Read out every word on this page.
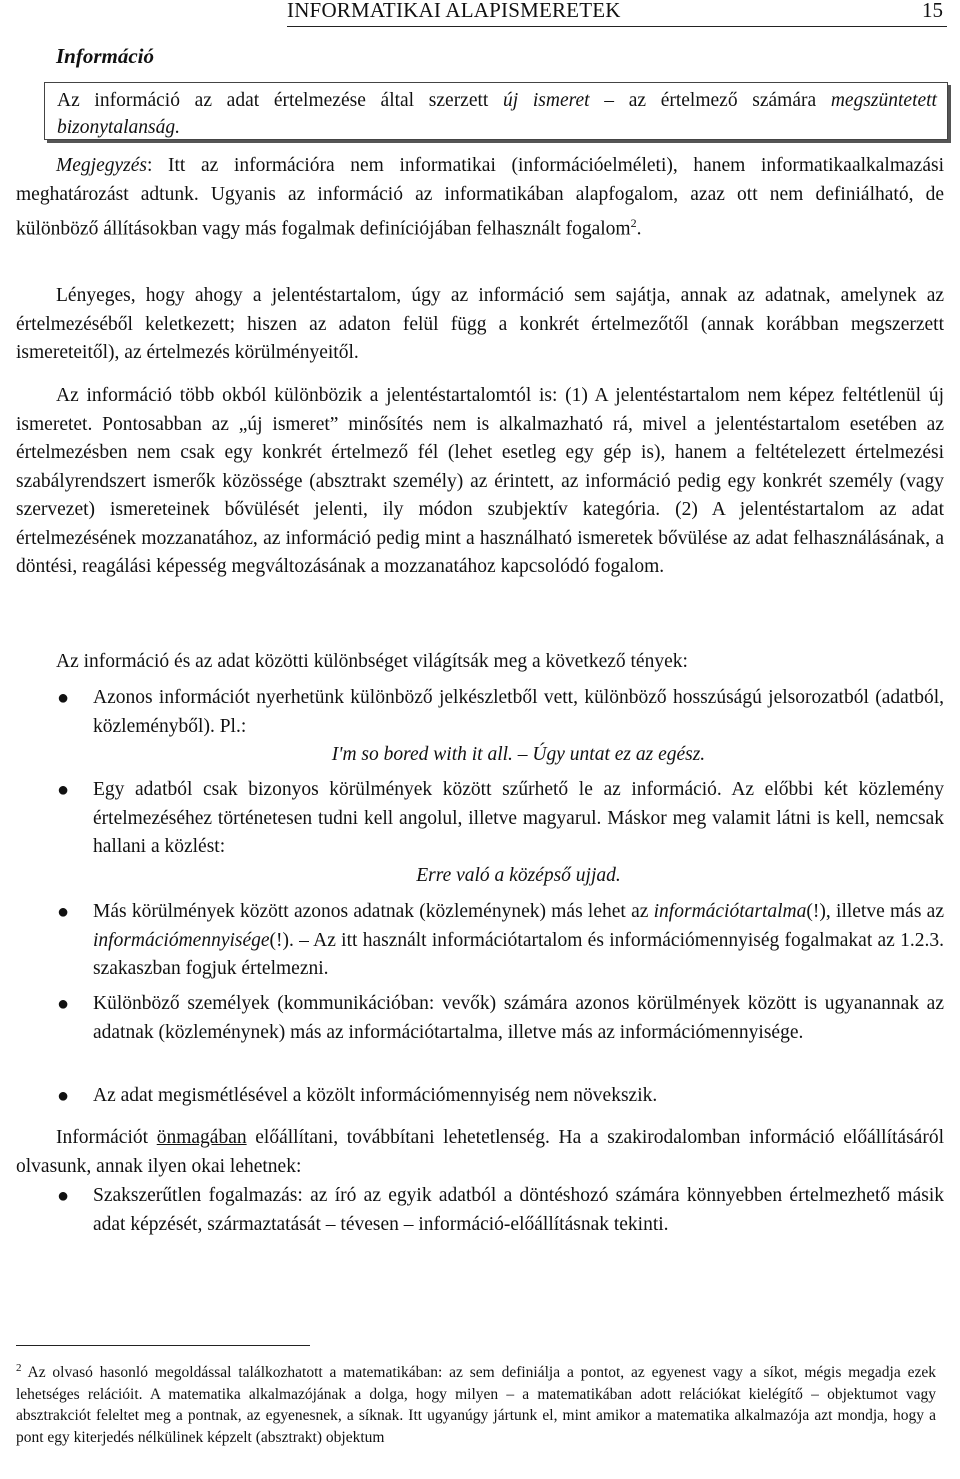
INFORMATIKAI ALAPISMERETEK	15
Információ

Az információ az adat értelmezése által szerzett új ismeret – az értelmező számára megszüntetett bizonytalanság.

Megjegyzés: Itt az információra nem informatikai (információelméleti), hanem informatikaalkalmazási meghatározást adtunk. Ugyanis az információ az informatikában alapfogalom, azaz ott nem definiálható, de különböző állításokban vagy más fogalmak definíciójában felhasznált fogalom$^2$.

Lényeges, hogy ahogy a jelentéstartalom, úgy az információ sem sajátja, annak az adatnak, amelynek az értelmezéséből keletkezett; hiszen az adaton felül függ a konkrét értelmezőtől (annak korábban megszerzett ismereteitől), az értelmezés körülményeitől.

Az információ több okból különbözik a jelentéstartalomtól is: (1) A jelentéstartalom nem képez feltétlenül új ismeretet. Pontosabban az „új ismeret” minősítés nem is alkalmazható rá, mivel a jelentéstartalom esetében az értelmezésben nem csak egy konkrét értelmező fél (lehet esetleg egy gép is), hanem a feltételezett értelmezési szabályrendszert ismerők közössége (absztrakt személy) az érintett, az információ pedig egy konkrét személy (vagy szervezet) ismereteinek bővülését jelenti, ily módon szubjektív kategória. (2) A jelentéstartalom az adat értelmezésének mozzanatához, az információ pedig mint a használható ismeretek bővülése az adat felhasználásának, a döntési, reagálási képesség megváltozásának a mozzanatához kapcsolódó fogalom.

Az információ és az adat közötti különbséget világítsák meg a következő tények:

● Azonos információt nyerhetünk különböző jelkészletből vett, különböző hosszúságú jelsorozatból (adatból, közleményből). Pl.:
I'm so bored with it all. – Úgy untat ez az egész.
● Egy adatból csak bizonyos körülmények között szűrhető le az információ. Az előbbi két közlemény értelmezéséhez történetesen tudni kell angolul, illetve magyarul. Máskor meg valamit látni is kell, nemcsak hallani a közlést:
Erre való a középső ujjad.
● Más körülmények között azonos adatnak (közleménynek) más lehet az információtartalma(!), illetve más az információmennyisége(!). – Az itt használt információtartalom és információmennyiség fogalmakat az 1.2.3. szakaszban fogjuk értelmezni.
● Különböző személyek (kommunikációban: vevők) számára azonos körülmények között is ugyanannak az adatnak (közleménynek) más az információtartalma, illetve más az információmennyisége.
● Az adat megismétlésével a közölt információmennyiség nem növekszik.

Információt önmagában előállítani, továbbítani lehetetlenség. Ha a szakirodalomban információ előállításáról olvasunk, annak ilyen okai lehetnek:

● Szakszerűtlen fogalmazás: az író az egyik adatból a döntéshozó számára könnyebben értelmezhető másik adat képzését, származtatását – tévesen – információ-előállításnak tekinti.

$^2$ Az olvasó hasonló megoldással találkozhatott a matematikában: az sem definiálja a pontot, az egyenest vagy a síkot, mégis megadja ezek lehetséges relációit. A matematika alkalmazójának a dolga, hogy milyen – a matematikában adott relációkat kielégítő – objektumot vagy absztrakciót feleltet meg a pontnak, az egyenesnek, a síknak. Itt ugyanúgy jártunk el, mint amikor a matematika alkalmazója azt mondja, hogy a pont egy kiterjedés nélkülinek képzelt (absztrakt) objektum
